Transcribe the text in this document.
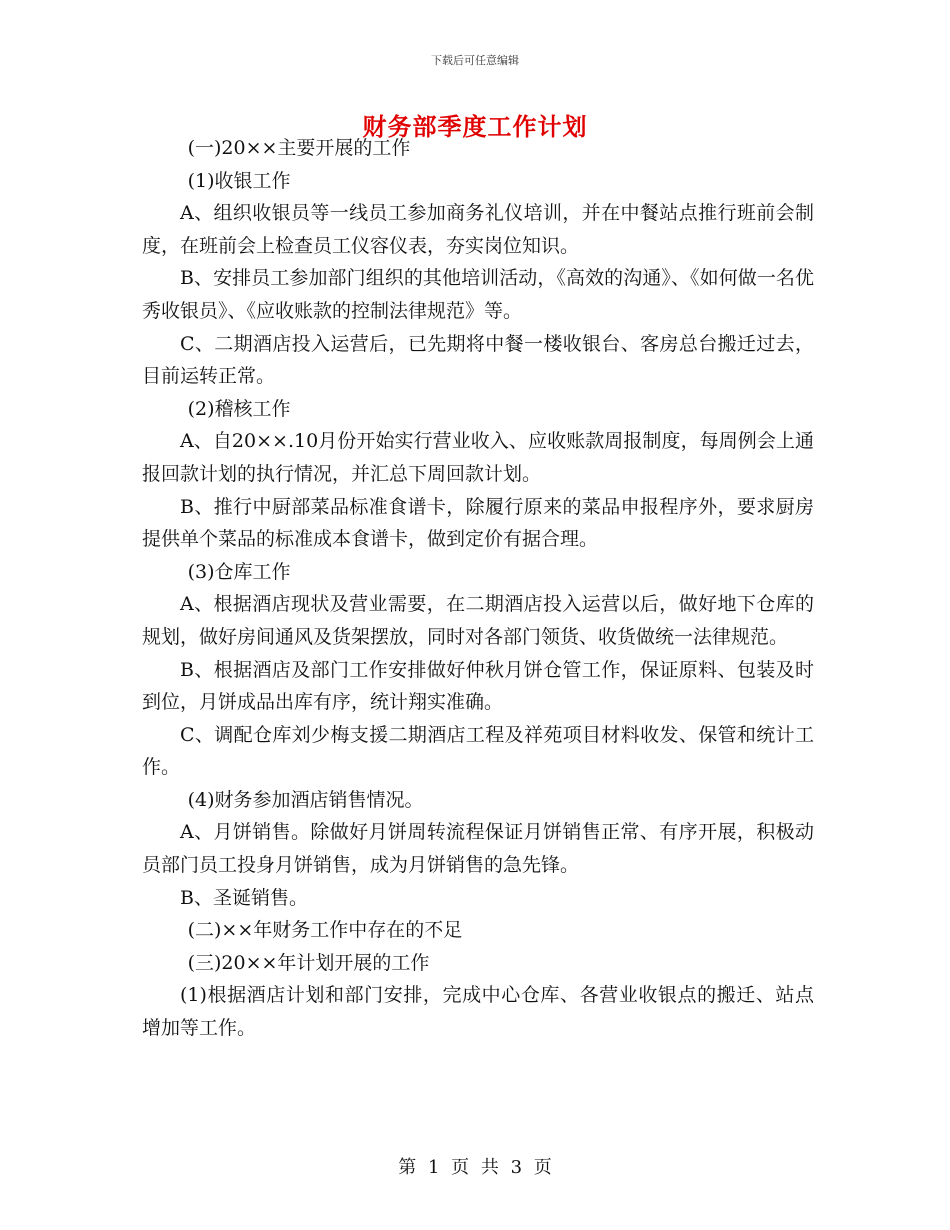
下载后可任意编辑
财务部季度工作计划

(一)20××主要开展的工作

(1)收银工作

A、组织收银员等一线员工参加商务礼仪培训，并在中餐站点推行班前会制度，在班前会上检查员工仪容仪表，夯实岗位知识。

B、安排员工参加部门组织的其他培训活动，《高效的沟通》、《如何做一名优秀收银员》、《应收账款的控制法律规范》等。

C、二期酒店投入运营后，已先期将中餐一楼收银台、客房总台搬迁过去，目前运转正常。

(2)稽核工作

A、自20××.10月份开始实行营业收入、应收账款周报制度，每周例会上通报回款计划的执行情况，并汇总下周回款计划。

B、推行中厨部菜品标准食谱卡，除履行原来的菜品申报程序外，要求厨房提供单个菜品的标准成本食谱卡，做到定价有据合理。

(3)仓库工作

A、根据酒店现状及营业需要，在二期酒店投入运营以后，做好地下仓库的规划，做好房间通风及货架摆放，同时对各部门领货、收货做统一法律规范。

B、根据酒店及部门工作安排做好仲秋月饼仓管工作，保证原料、包装及时到位，月饼成品出库有序，统计翔实准确。

C、调配仓库刘少梅支援二期酒店工程及祥苑项目材料收发、保管和统计工作。

(4)财务参加酒店销售情况。

A、月饼销售。除做好月饼周转流程保证月饼销售正常、有序开展，积极动员部门员工投身月饼销售，成为月饼销售的急先锋。

B、圣诞销售。

(二)××年财务工作中存在的不足

(三)20××年计划开展的工作

(1)根据酒店计划和部门安排，完成中心仓库、各营业收银点的搬迁、站点增加等工作。

第 1 页 共 3 页
